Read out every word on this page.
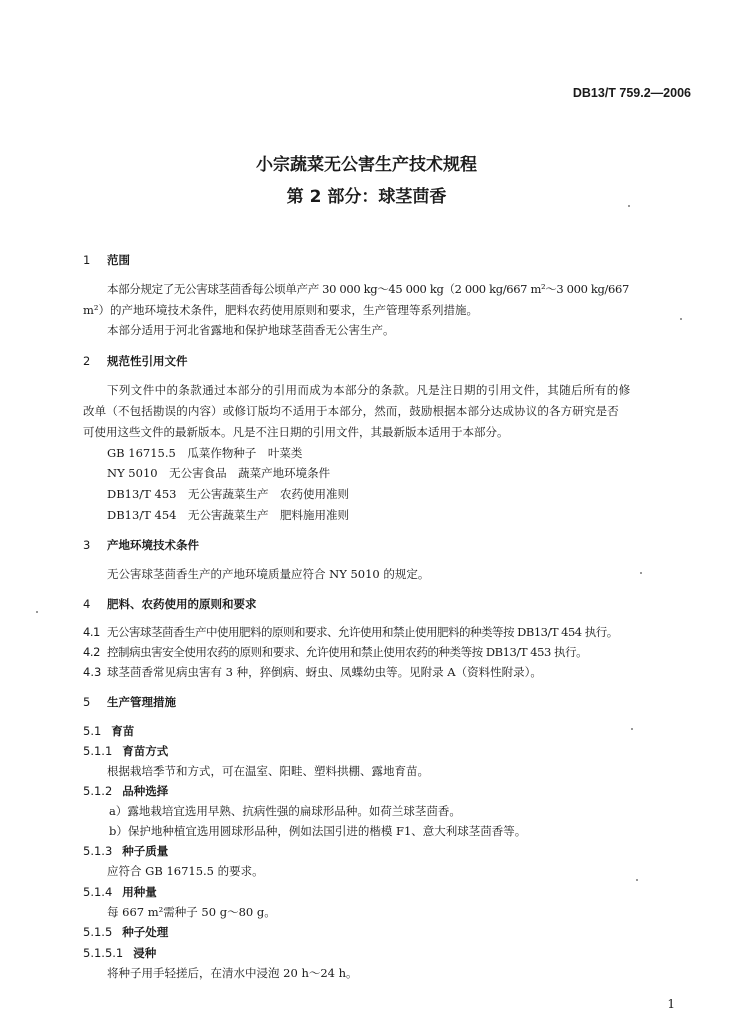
DB13/T 759.2—2006
小宗蔬菜无公害生产技术规程
第 2 部分：球茎茴香
1 范围
本部分规定了无公害球茎茴香每公顷单产产 30 000 kg～45 000 kg（2 000 kg/667 m²～3 000 kg/667
m²）的产地环境技术条件，肥料农药使用原则和要求，生产管理等系列措施。
本部分适用于河北省露地和保护地球茎茴香无公害生产。
2 规范性引用文件
下列文件中的条款通过本部分的引用而成为本部分的条款。凡是注日期的引用文件，其随后所有的修
改单（不包括勘误的内容）或修订版均不适用于本部分，然而，鼓励根据本部分达成协议的各方研究是否
可使用这些文件的最新版本。凡是不注日期的引用文件，其最新版本适用于本部分。
GB 16715.5　瓜菜作物种子　叶菜类
NY 5010　无公害食品　蔬菜产地环境条件
DB13/T 453　无公害蔬菜生产　农药使用准则
DB13/T 454　无公害蔬菜生产　肥料施用准则
3 产地环境技术条件
无公害球茎茴香生产的产地环境质量应符合 NY 5010 的规定。
4 肥料、农药使用的原则和要求
4.1 无公害球茎茴香生产中使用肥料的原则和要求、允许使用和禁止使用肥料的种类等按 DB13/T 454 执行。
4.2 控制病虫害安全使用农药的原则和要求、允许使用和禁止使用农药的种类等按 DB13/T 453 执行。
4.3 球茎茴香常见病虫害有 3 种，猝倒病、蚜虫、凤蝶幼虫等。见附录 A（资料性附录）。
5 生产管理措施
5.1 育苗
5.1.1 育苗方式
根据栽培季节和方式，可在温室、阳畦、塑料拱棚、露地育苗。
5.1.2 品种选择
a）露地栽培宜选用早熟、抗病性强的扁球形品种。如荷兰球茎茴香。
b）保护地种植宜选用圆球形品种，例如法国引进的楷模 F1、意大利球茎茴香等。
5.1.3 种子质量
应符合 GB 16715.5 的要求。
5.1.4 用种量
每 667 m²需种子 50 g～80 g。
5.1.5 种子处理
5.1.5.1 浸种
将种子用手轻搓后，在清水中浸泡 20 h～24 h。
1
